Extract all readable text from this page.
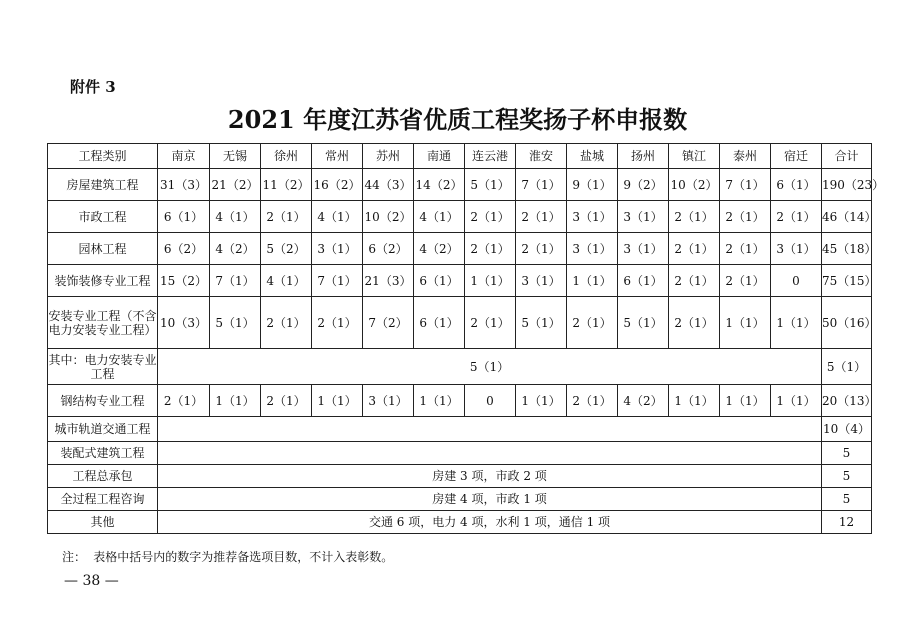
附件 3
2021 年度江苏省优质工程奖扬子杯申报数
工程类别	南京	无锡	徐州	常州	苏州	南通	连云港	淮安	盐城	扬州	镇江	泰州	宿迁	合计
房屋建筑工程	31（3）	21（2）	11（2）	16（2）	44（3）	14（2）	5（1）	7（1）	9（1）	9（2）	10（2）	7（1）	6（1）	190（23）
市政工程	6（1）	4（1）	2（1）	4（1）	10（2）	4（1）	2（1）	2（1）	3（1）	3（1）	2（1）	2（1）	2（1）	46（14）
园林工程	6（2）	4（2）	5（2）	3（1）	6（2）	4（2）	2（1）	2（1）	3（1）	3（1）	2（1）	2（1）	3（1）	45（18）
装饰装修专业工程	15（2）	7（1）	4（1）	7（1）	21（3）	6（1）	1（1）	3（1）	1（1）	6（1）	2（1）	2（1）	0	75（15）
安装专业工程（不含电力安装专业工程）	10（3）	5（1）	2（1）	2（1）	7（2）	6（1）	2（1）	5（1）	2（1）	5（1）	2（1）	1（1）	1（1）	50（16）
其中：电力安装专业工程	5（1）													5（1）
钢结构专业工程	2（1）	1（1）	2（1）	1（1）	3（1）	1（1）	0	1（1）	2（1）	4（2）	1（1）	1（1）	1（1）	20（13）
城市轨道交通工程														10（4）
装配式建筑工程														5
工程总承包	房建 3 项，市政 2 项													5
全过程工程咨询	房建 4 项，市政 1 项													5
其他	交通 6 项，电力 4 项，水利 1 项，通信 1 项													12
注： 表格中括号内的数字为推荐备选项目数，不计入表彰数。
— 38 —
